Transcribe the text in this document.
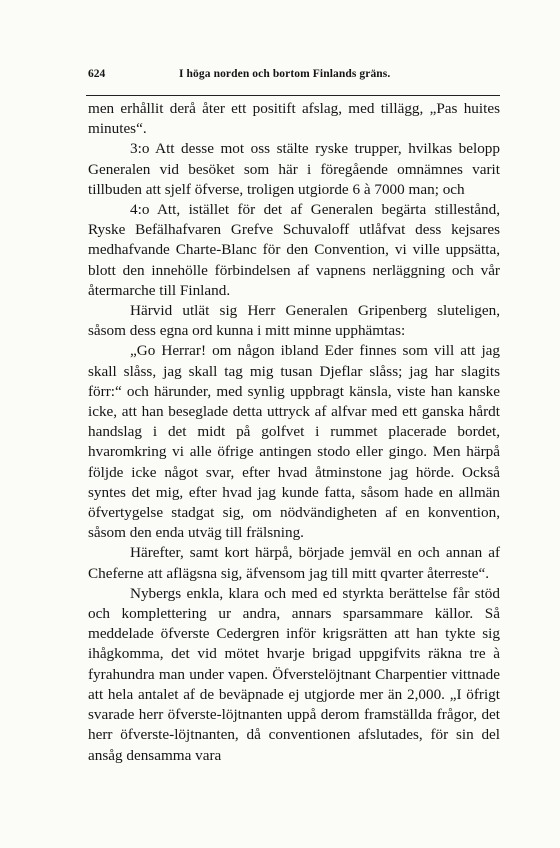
624	I höga norden och bortom Finlands gräns.

men erhållit derå åter ett positift afslag, med tillägg, „Pas huites minutes“.

3:o Att desse mot oss stälte ryske trupper, hvilkas belopp Generalen vid besöket som här i föregående omnämnes varit tillbuden att sjelf öfverse, troligen utgiorde 6 à 7000 man; och

4:o Att, istället för det af Generalen begärta stillestånd, Ryske Befälhafvaren Grefve Schuvaloff utlåfvat dess kejsares medhafvande Charte-Blanc för den Convention, vi ville uppsätta, blott den innehölle förbindelsen af vapnens nerläggning och vår återmarche till Finland.

Härvid utlät sig Herr Generalen Gripenberg sluteligen, såsom dess egna ord kunna i mitt minne upphämtas:

„Go Herrar! om någon ibland Eder finnes som vill att jag skall slåss, jag skall tag mig tusan Djeflar slåss; jag har slagits förr:“ och härunder, med synlig uppbragt känsla, viste han kanske icke, att han beseglade detta uttryck af alfvar med ett ganska hårdt handslag i det midt på golfvet i rummet placerade bordet, hvaromkring vi alle öfrige antingen stodo eller gingo. Men härpå följde icke något svar, efter hvad åtminstone jag hörde. Också syntes det mig, efter hvad jag kunde fatta, såsom hade en allmän öfvertygelse stadgat sig, om nödvändigheten af en konvention, såsom den enda utväg till frälsning.

Härefter, samt kort härpå, började jemväl en och annan af Cheferne att aflägsna sig, äfvensom jag till mitt qvarter återreste“.

Nybergs enkla, klara och med ed styrkta berättelse får stöd och komplettering ur andra, annars sparsammare källor. Så meddelade öfverste Cedergren inför krigsrätten att han tykte sig ihågkomma, det vid mötet hvarje brigad uppgifvits räkna tre à fyrahundra man under vapen. Öfverstelöjtnant Charpentier vittnade att hela antalet af de beväpnade ej utgjorde mer än 2,000. „I öfrigt svarade herr öfverste-löjtnanten uppå derom framställda frågor, det herr öfverste-löjtnanten, då conventionen afslutades, för sin del ansåg densamma vara
